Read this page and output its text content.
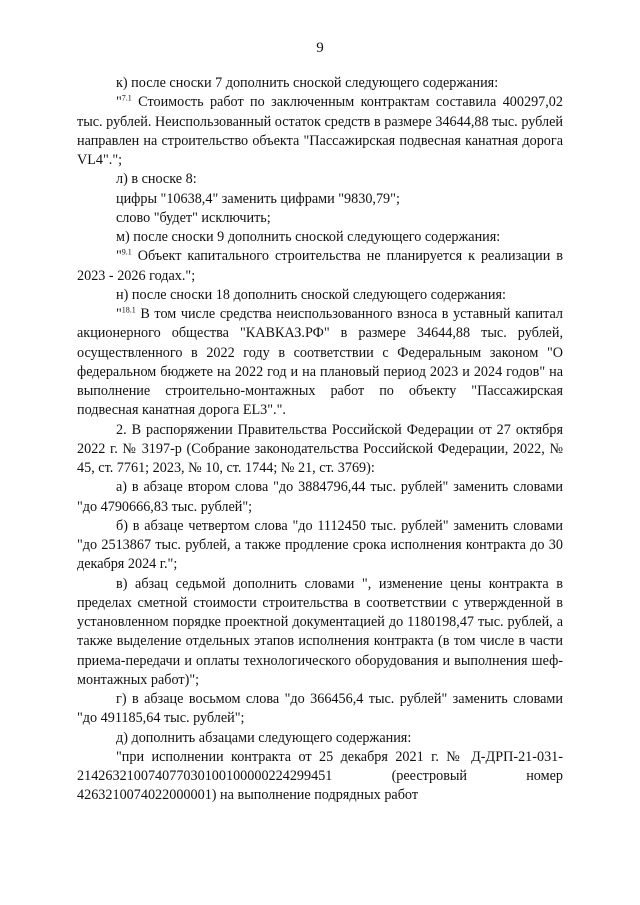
9

к) после сноски 7 дополнить сноской следующего содержания:

"$^{7.1}$ Стоимость работ по заключенным контрактам составила 400297,02 тыс. рублей. Неиспользованный остаток средств в размере 34644,88 тыс. рублей направлен на строительство объекта "Пассажирская подвесная канатная дорога VL4".";

л) в сноске 8:

цифры "10638,4" заменить цифрами "9830,79";

слово "будет" исключить;

м) после сноски 9 дополнить сноской следующего содержания:

"$^{9.1}$ Объект капитального строительства не планируется к реализации в 2023 - 2026 годах.";

н) после сноски 18 дополнить сноской следующего содержания:

"$^{18.1}$ В том числе средства неиспользованного взноса в уставный капитал акционерного общества "КАВКАЗ.РФ" в размере 34644,88 тыс. рублей, осуществленного в 2022 году в соответствии с Федеральным законом "О федеральном бюджете на 2022 год и на плановый период 2023 и 2024 годов" на выполнение строительно-монтажных работ по объекту "Пассажирская подвесная канатная дорога EL3".".

2. В распоряжении Правительства Российской Федерации от 27 октября 2022 г. № 3197-р (Собрание законодательства Российской Федерации, 2022, № 45, ст. 7761; 2023, № 10, ст. 1744; № 21, ст. 3769):

а) в абзаце втором слова "до 3884796,44 тыс. рублей" заменить словами "до 4790666,83 тыс. рублей";

б) в абзаце четвертом слова "до 1112450 тыс. рублей" заменить словами "до 2513867 тыс. рублей, а также продление срока исполнения контракта до 30 декабря 2024 г.";

в) абзац седьмой дополнить словами ", изменение цены контракта в пределах сметной стоимости строительства в соответствии с утвержденной в установленном порядке проектной документацией до 1180198,47 тыс. рублей, а также выделение отдельных этапов исполнения контракта (в том числе в части приема-передачи и оплаты технологического оборудования и выполнения шеф-монтажных работ)";

г) в абзаце восьмом слова "до 366456,4 тыс. рублей" заменить словами "до 491185,64 тыс. рублей";

д) дополнить абзацами следующего содержания:

"при исполнении контракта от 25 декабря 2021 г. № Д-ДРП-21-031-2142632100740770301001000002242994​51 (реестровый номер 4263210074022000001) на выполнение подрядных работ
